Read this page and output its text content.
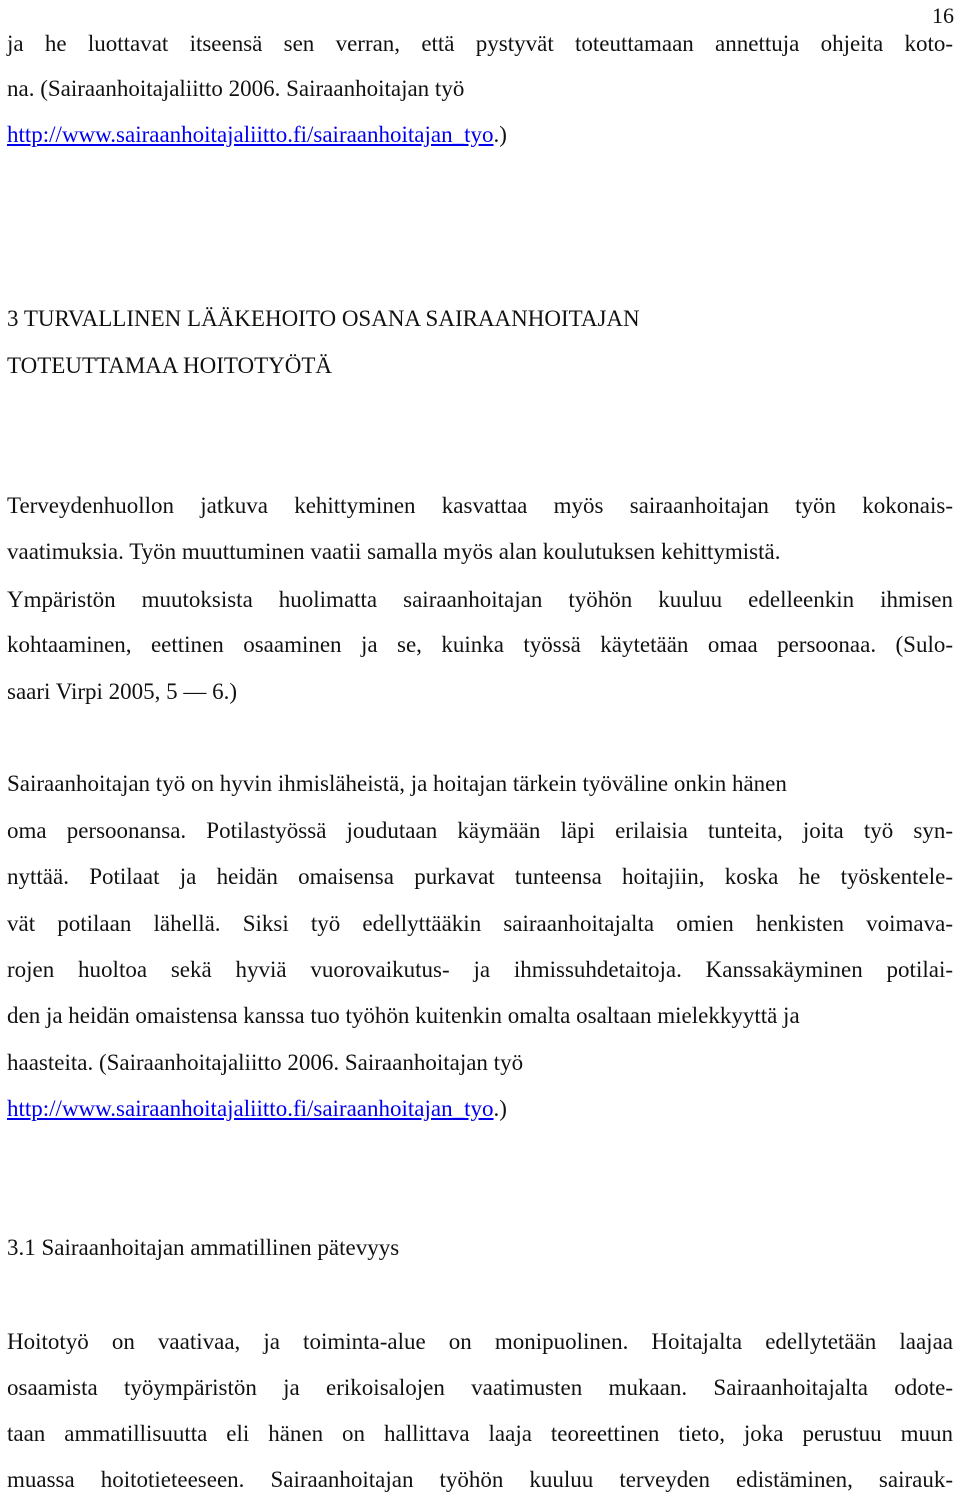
16
ja he luottavat itseensä sen verran, että pystyvät toteuttamaan annettuja ohjeita koto-
na. (Sairaanhoitajaliitto 2006. Sairaanhoitajan työ
http://www.sairaanhoitajaliitto.fi/sairaanhoitajan_tyo.)
3 TURVALLINEN LÄÄKEHOITO OSANA SAIRAANHOITAJAN
TOTEUTTAMAA HOITOTYÖTÄ
Terveydenhuollon jatkuva kehittyminen kasvattaa myös sairaanhoitajan työn kokonais-
vaatimuksia. Työn muuttuminen vaatii samalla myös alan koulutuksen kehittymistä.
Ympäristön muutoksista huolimatta sairaanhoitajan työhön kuuluu edelleenkin ihmisen
kohtaaminen, eettinen osaaminen ja se, kuinka työssä käytetään omaa persoonaa. (Sulo-
saari Virpi 2005, 5 — 6.)
Sairaanhoitajan työ on hyvin ihmisläheistä, ja hoitajan tärkein työväline onkin hänen
oma persoonansa. Potilastyössä joudutaan käymään läpi erilaisia tunteita, joita työ syn-
nyttää. Potilaat ja heidän omaisensa purkavat tunteensa hoitajiin, koska he työskentele-
vät potilaan lähellä. Siksi työ edellyttääkin sairaanhoitajalta omien henkisten voimava-
rojen huoltoa sekä hyviä vuorovaikutus- ja ihmissuhdetaitoja. Kanssakäyminen potilai-
den ja heidän omaistensa kanssa tuo työhön kuitenkin omalta osaltaan mielekkyyttä ja
haasteita. (Sairaanhoitajaliitto 2006. Sairaanhoitajan työ
http://www.sairaanhoitajaliitto.fi/sairaanhoitajan_tyo.)
3.1 Sairaanhoitajan ammatillinen pätevyys
Hoitotyö on vaativaa, ja toiminta-alue on monipuolinen. Hoitajalta edellytetään laajaa
osaamista työympäristön ja erikoisalojen vaatimusten mukaan. Sairaanhoitajalta odote-
taan ammatillisuutta eli hänen on hallittava laaja teoreettinen tieto, joka perustuu muun
muassa hoitotieteeseen. Sairaanhoitajan työhön kuuluu terveyden edistäminen, sairauk-
